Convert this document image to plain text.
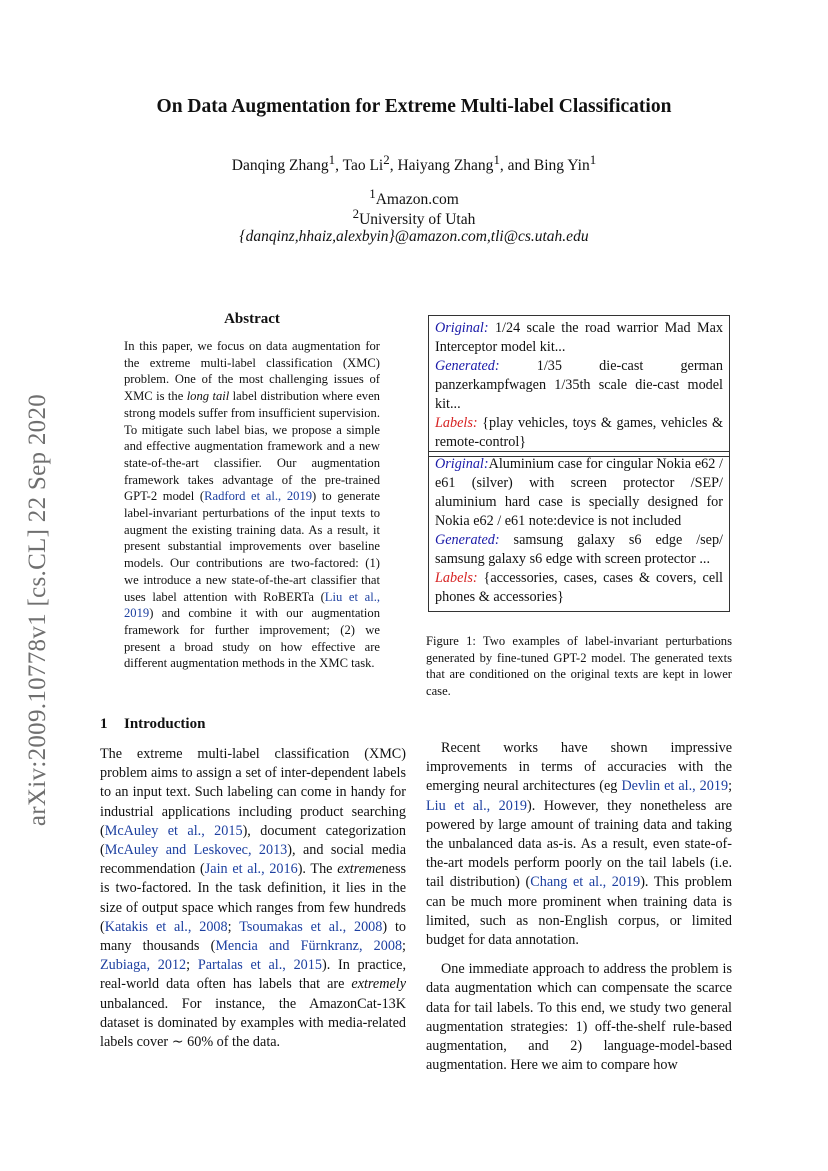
arXiv:2009.10778v1 [cs.CL] 22 Sep 2020
On Data Augmentation for Extreme Multi-label Classification
Danqing Zhang$^1$, Tao Li$^2$, Haiyang Zhang$^1$, and Bing Yin$^1$
$^1$Amazon.com
$^2$University of Utah
{danqinz,hhaiz,alexbyin}@amazon.com,tli@cs.utah.edu
Abstract
In this paper, we focus on data augmentation for the extreme multi-label classification (XMC) problem. One of the most challenging issues of XMC is the long tail label distribution where even strong models suffer from insufficient supervision. To mitigate such label bias, we propose a simple and effective augmentation framework and a new state-of-the-art classifier. Our augmentation framework takes advantage of the pre-trained GPT-2 model (Radford et al., 2019) to generate label-invariant perturbations of the input texts to augment the existing training data. As a result, it present substantial improvements over baseline models. Our contributions are two-factored: (1) we introduce a new state-of-the-art classifier that uses label attention with RoBERTa (Liu et al., 2019) and combine it with our augmentation framework for further improvement; (2) we present a broad study on how effective are different augmentation methods in the XMC task.
Original: 1/24 scale the road warrior Mad Max Interceptor model kit...
Generated: 1/35 die-cast german panzerkampfwagen 1/35th scale die-cast model kit...
Labels: {play vehicles, toys & games, vehicles & remote-control}
Original:Aluminium case for cingular Nokia e62 / e61 (silver) with screen protector /SEP/ aluminium hard case is specially designed for Nokia e62 / e61 note:device is not included
Generated: samsung galaxy s6 edge /sep/ samsung galaxy s6 edge with screen protector ...
Labels: {accessories, cases, cases & covers, cell phones & accessories}
Figure 1: Two examples of label-invariant perturbations generated by fine-tuned GPT-2 model. The generated texts that are conditioned on the original texts are kept in lower case.
1 Introduction

The extreme multi-label classification (XMC) problem aims to assign a set of inter-dependent labels to an input text. Such labeling can come in handy for industrial applications including product searching (McAuley et al., 2015), document categorization (McAuley and Leskovec, 2013), and social media recommendation (Jain et al., 2016). The extremeness is two-factored. In the task definition, it lies in the size of output space which ranges from few hundreds (Katakis et al., 2008; Tsoumakas et al., 2008) to many thousands (Mencia and Fürnkranz, 2008; Zubiaga, 2012; Partalas et al., 2015). In practice, real-world data often has labels that are extremely unbalanced. For instance, the AmazonCat-13K dataset is dominated by examples with media-related labels cover ∼ 60% of the data.

Recent works have shown impressive improvements in terms of accuracies with the emerging neural architectures (eg Devlin et al., 2019; Liu et al., 2019). However, they nonetheless are powered by large amount of training data and taking the unbalanced data as-is. As a result, even state-of-the-art models perform poorly on the tail labels (i.e. tail distribution) (Chang et al., 2019). This problem can be much more prominent when training data is limited, such as non-English corpus, or limited budget for data annotation.

One immediate approach to address the problem is data augmentation which can compensate the scarce data for tail labels. To this end, we study two general augmentation strategies: 1) off-the-shelf rule-based augmentation, and 2) language-model-based augmentation. Here we aim to compare how
